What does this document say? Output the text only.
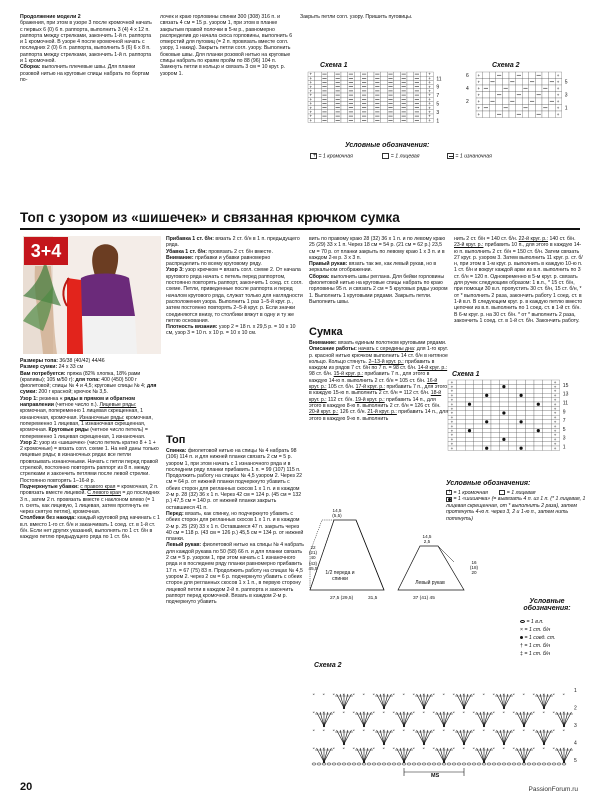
Продолжение модели 2
бражения, при этом в узоре 3 после кромочной начать с первых 6 (0) 6 п. раппорта, выполнить 3 (4) 4 x 12 п. раппорта между стрелками, закончить 1-й п. раппорта и 1 кромочной. В узоре 4 после кромочной начать с последних 2 (0) 6 п. раппорта, выполнить 5 (6) 6 x 8 п. раппорта между стрелками, закончить 1-й п. раппорта и 1 кромочной.
Сборка: выполнить плечевые швы. Для планки розовой нитью на круговые спицы набрать по бортам по-
лочек и краю горловины спинки 300 (308) 316 п. и связать 4 см = 15 р. узором 1, при этом в планке закрытым правой полочки в 5-м р., равномерно распределив до начала скоса горловины, выполнить 6 отверстий для пуговиц (= 2 п. провязать вместе согл. узору, 1 накид). Закрыть петли согл. узору. Выполнить боковые швы. Для планки розовой нитью на круговые спицы набрать по краям пройм по 88 (96) 104 п. Замкнуть петли в кольцо и связать 3 см = 10 круг. р. узором 1.
Закрыть петли согл. узору. Пришить пуговицы.
Схема 1
+	+
+	+
+	+
+	+
+	+
+	+
+	+
+	+
+	+
+	+
+	+
+	+
11
9
7
5
3
1
Схема 2
+	+
+	+
+	+
+	+
+	+
+	+
+	+
6
4
2
5
3
1
Условные обозначения:
+ = 1 кромочная	= 1 лицевая	= 1 изнаночная
Топ с узором из «шишечек» и связанная крючком сумка
3+4
Размеры топа: 36/38 (40/42) 44/46
Размер сумки: 24 х 33 см
Вам потребуется: пряжа (82% хлопка, 18% рами (крапивы); 105 м/50 г): для топа: 400 (450) 500 г фиолетовой; спицы № 4 и 4,5; круговые спицы № 4; для сумки: 200 г красной; крючок № 3,5.
Узор 1: резинка « ряды в прямом и обратном направлении (четное число п.). Лицевые ряды: кромочная, попеременно 1 лицевая скрещенная, 1 изнаночная, кромочная. Изнаночные ряды: кромочная, попеременно 1 лицевая, 1 изнаночная скрещенная, кромочная. Круговые ряды (четное число петель) = попеременно 1 лицевая скрещенная, 1 изнаночная.
Узор 2: узор из «шишечек» (число петель кратно 8 + 1 + 2 кромочные) = вязать согл. схеме 1. На ней даны только лицевые ряды; в изнаночных рядах все петли провязывать изнаночными. Начать с петли перед правой стрелкой, постоянно повторять раппорт из 8 п. между стрелками и закончить петлями после левой стрелки. Постоянно повторять 1–16-й р.
Подчеркнутые убавки: с правого края = кромочная, 2 п. провязать вместе лицевой. С левого края = до последних 3 п., затем 2 п. провязать вместе с наклоном влево (= 1 п. снять, как лицевую, 1 лицевая, затем протянуть ее через снятую петлю), кромочная.
Столбики без накида: каждый круговой ряд начинать с 1 в.п. вместо 1-го ст. б/н и заканчивать 1 соед. ст. в 1-й ст. б/н. Если нет других указаний, выполнять по 1 ст. б/н в каждую петлю предыдущего ряда по 1 ст. б/н.
Прибавка 1 ст. б/н: вязать 2 ст. б/н в 1 п. предыдущего ряда.
Убавка 1 ст. б/н: провязать 2 ст. б/н вместе.
Внимание: прибавки и убавки равномерно распределить по всему круговому ряду.
Узор 3: узор крючком = вязать согл. схеме 2. От начала кругового ряда начать с петель перед раппортом, постоянно повторять раппорт, закончить 1 соед. ст. согл. схеме. Петли, приведенные после раппорта и перед началом кругового ряда, служат только для наглядности расположения узора. Выполнить 1 раз 1–5-й круг. р., затем постоянно повторять 2–5-й круг. р. Если значки соединяются внизу, то столбики вяжут в одну и ту же петлю основания.
Плотность вязания: узор 2 = 18 п. х 29,5 р. = 10 х 10 см, узор 3 = 10 п. х 10 р. = 10 х 10 см.
Топ
Спинка: фиолетовой нитью на спицы № 4 набрать 98 (106) 114 п. и для нижней планки связать 2 см = 5 р. узором 1, при этом начать с 1 изнаночного ряда и в последнем ряду планки прибавить 1 п. = 99 (107) 115 п. Продолжить работу на спицах № 4,5 узором 2. Через 22 см = 64 р. от нижней планки подчеркнуто убавить с обеих сторон для регланных скосов 1 х 1 п. и в каждом 2-м р. 28 (32) 36 х 1 п. Через 42 см = 124 р. (45 см = 132 р.) 47,5 см = 140 р. от нижней планки закрыть оставшиеся 41 п.
Перед: вязать, как спинку, но подчеркнуто убавить с обеих сторон для регланных скосов 1 х 1 п. и в каждом 2-м р. 25 (29) 33 х 1 п. Оставшиеся 47 п. закрыть через 40 см = 118 р. (43 см = 126 р.) 45,5 см = 134 р. от нижней планки.
Левый рукав: фиолетовой нитью на спицы № 4 набрать для каждой рукава по 50 (58) 66 п. и для планки связать 2 см = 5 р. узором 1, при этом начать с 1 изнаночного ряда и в последнем ряду планки равномерно прибавить 17 п. = 67 (75) 83 п. Продолжить работу на спицах № 4,5 узором 2. через 2 см = 6 р. подчеркнуто убавить с обеих сторон для регланных скосов 1 х 1 п., в первую сторону лицевой петли в каждом 2-й п. раппорта и закончить раппорт перед кромочной. Вязать в каждом 2-м р. подчеркнуто убавить
вить по правому краю 28 (32) 36 x 1 п. и по левому краю 25 (29) 33 x 1 п. Через 18 см = 54 р. (21 см = 62 р.) 23,5 см = 70 р. от планки закрыть по левому краю 1 х 3 п. и в каждом 2-м р. 3 x 3 п.
Правый рукав: вязать так же, как левый рукав, но в зеркальном отображении.
Сборка: выполнить швы реглана. Для бейки горловины фиолетовой нитью на круговые спицы набрать по краю горловины 95 п. и связать 2 см = 5 круговых ряды узором 1. Выполнить 1 круговыми рядами. Закрыть петли. Выполнить швы.
Сумка
Внимание: вязать единым полотном круговыми рядами.
Описание работы: начать с середины дна: для 1-го круг. р. красной нитью крючком выполнить 14 ст. б/н в нитяное кольцо. Кольцо стянуть. 2–13-й круг. р.: прибавить в каждом из рядов 7 ст. б/н по 7 п. = 98 ст. б/н. 14-й круг. р.: 98 ст. б/н. 15-й круг. р.: прибавить 7 п., для этого в каждую 14-ю п. выполнить 2 ст. б/н = 105 ст. б/н. 16-й круг. р.: 105 ст. б/н. 17-й круг. р.: прибавить 7 п., для этого в каждую 15-ю п. выполнить 2 ст. б/н = 112 ст. б/н. 18-й круг. р.: 112 ст. б/н. 19-й круг. р.: прибавить 14 п., для этого в каждую 8-ю п. выполнить 2 ст. б/н = 126 ст. б/н. 20-й круг. р.: 126 ст. б/н. 21-й круг. р.: прибавить 14 п., для этого в каждую 9-ю п. выполнить
нить 2 ст. б/н = 140 ст. б/н. 22-й круг. р.: 140 ст. б/н. 23-й круг. р.: прибавить 10 п., для этого в каждую 14-ю п. выполнить 2 ст. б/н = 150 ст. б/н. Затем связать 27 круг. р. узором 3. Затем выполнить 11 круг. р. ст. б/н, при этом в 1-м круг. р. выполнить в каждую 10-ю п. 1 ст. б/н и вокруг каждой арки из в.п. выполнить по 3 ст. б/н = 120 п. Одновременно в 5-м круг. р. связать для ручек следующим образом: 1 в.п., * 15 ст. б/н, при помощи 30 в.п. пропустить 30 ст. б/н, 15 ст. б/н, * от * выполнить 2 раза, закончить работу 1 соед. ст. в 1-й в.п. В следующем круг. р. в каждую петлю вместо цепочки из в.п. выполнить по 1 соед. ст. в 1-й ст. б/н. В 6-м круг. р. на 30 ст. б/н. * от * выполнить 2 раза, закончить 1 соед. ст. в 1-й ст. б/н. Закончить работу.
Схема 1
+	+
+	+
+	+
+	+
+	+
+	+
+	+
+	+
+	+
+	+
+	+
+	+
+	+
+	+
+	+
+	+
15
13
11
9
7
5
3
1
Условные обозначения:
+ = 1 кромочная	= 1 лицевая
= 1 «шишечка» (= вывязать 4 п. из 1 п. (* 1 лицевая, 1 лицевая скрещенная, от * выполнить 2 раза), затем протянуть 4-ю п. через 3, 2 и 1-ю п., затем нить потянуть)
Условные обозначения:
= 1 в.п.
× = 1 ст. б/н
= 1 соед. ст.
† = 1 ст. б/н
‡ = 1 ст. б/н
1/2 переда и спинки
Левый рукав
27,5 (29,5)	31,5	37 (41) 45
14,5
(5,5)
22
(21)
40
(43)
45,5
16
(18)
20
14,5
2,5
Схема 2
× × × × × × × × × × × × × × × × × × × × × × × × × ×
× × × × × × × × × × × × × × × × × × × × × × × × × ×
× × × × × × × × × × × × × × × × × × × × × × × × × ×
× × × × × × × × × × × × × × × × × × × × × × × × × ×
5
4
3
2
1
MS
20	PassionForum.ru
